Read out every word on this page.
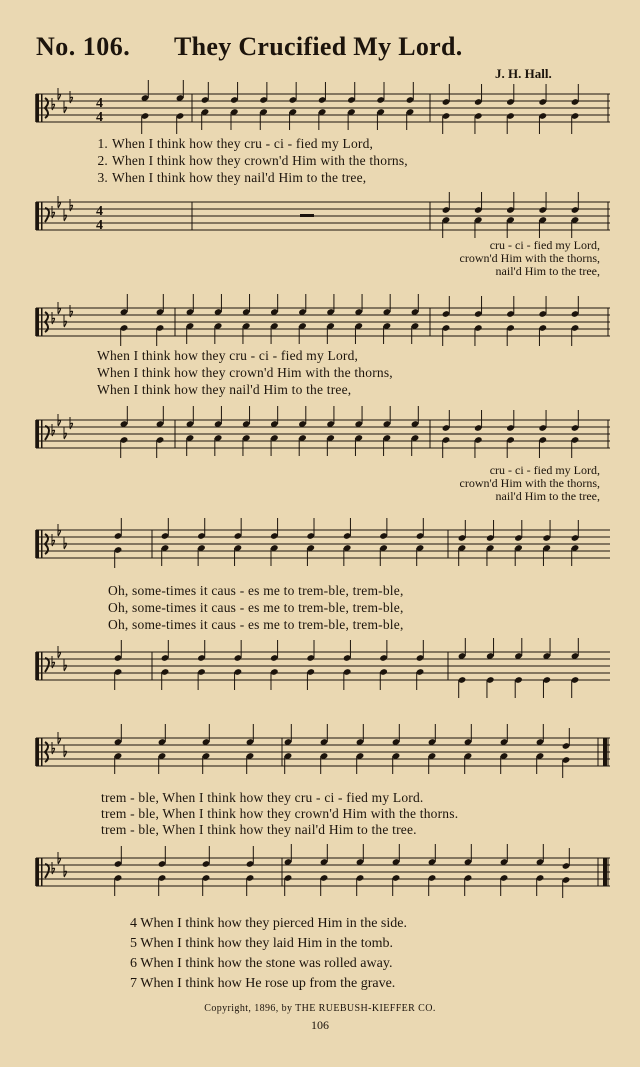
4
4
4
4
No. 106. They Crucified My Lord.
J. H. Hall.
1. When I think how they cru - ci - fied my Lord,
2. When I think how they crown'd Him with the thorns,
3. When I think how they nail'd Him to the tree,
cru - ci - fied my Lord,
crown'd Him with the thorns,
nail'd Him to the tree,
When I think how they cru - ci - fied my Lord,
When I think how they crown'd Him with the thorns,
When I think how they nail'd Him to the tree,
cru - ci - fied my Lord,
crown'd Him with the thorns,
nail'd Him to the tree,
Oh, some-times it caus - es me to trem-ble, trem-ble,
Oh, some-times it caus - es me to trem-ble, trem-ble,
Oh, some-times it caus - es me to trem-ble, trem-ble,
trem - ble, When I think how they cru - ci - fied my Lord.
trem - ble, When I think how they crown'd Him with the thorns.
trem - ble, When I think how they nail'd Him to the tree.
4 When I think how they pierced Him in the side.
5 When I think how they laid Him in the tomb.
6 When I think how the stone was rolled away.
7 When I think how He rose up from the grave.
Copyright, 1896, by THE RUEBUSH-KIEFFER CO.
106
